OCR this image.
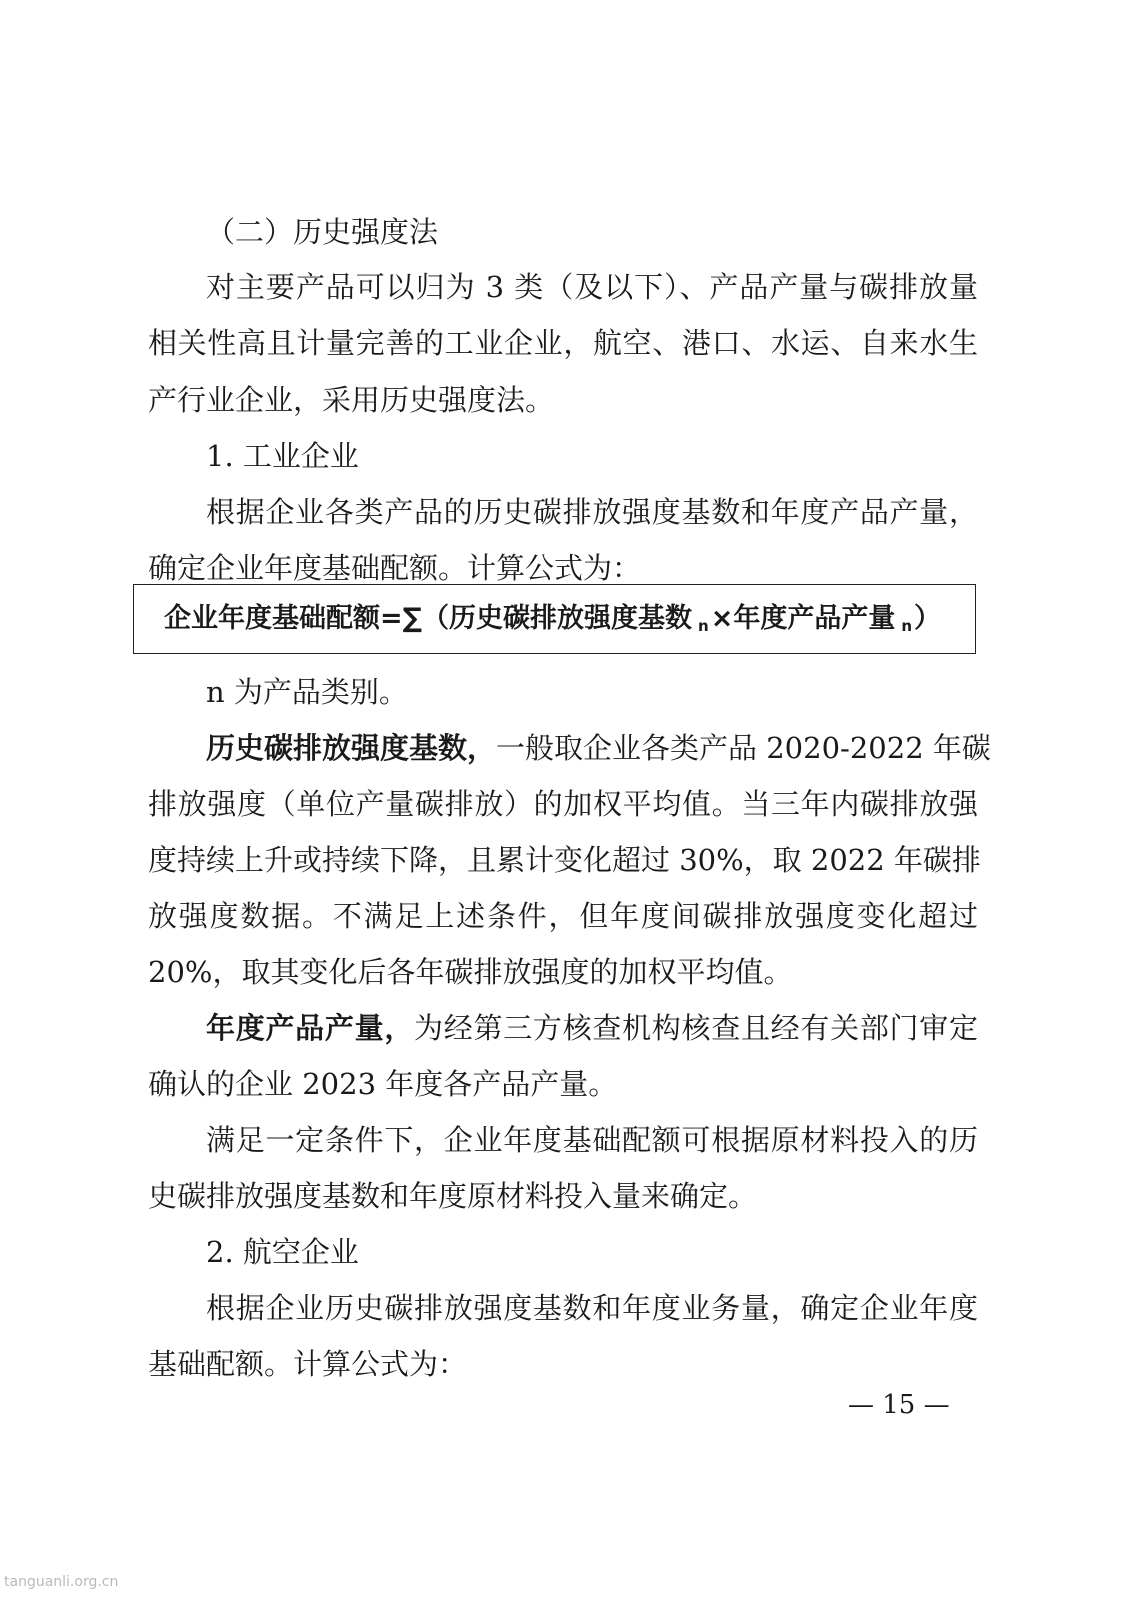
（二）历史强度法
对主要产品可以归为 3 类（及以下）、产品产量与碳排放量
相关性高且计量完善的工业企业，航空、港口、水运、自来水生
产行业企业，采用历史强度法。
1. 工业企业
根据企业各类产品的历史碳排放强度基数和年度产品产量，
确定企业年度基础配额。计算公式为：
企业年度基础配额=∑（历史碳排放强度基数 $_n$×年度产品产量 $_n$）
n 为产品类别。
历史碳排放强度基数，一般取企业各类产品 2020-2022 年碳
排放强度（单位产量碳排放）的加权平均值。当三年内碳排放强
度持续上升或持续下降，且累计变化超过 30%，取 2022 年碳排
放强度数据。不满足上述条件，但年度间碳排放强度变化超过
20%，取其变化后各年碳排放强度的加权平均值。
年度产品产量，为经第三方核查机构核查且经有关部门审定
确认的企业 2023 年度各产品产量。
满足一定条件下，企业年度基础配额可根据原材料投入的历
史碳排放强度基数和年度原材料投入量来确定。
2. 航空企业
根据企业历史碳排放强度基数和年度业务量，确定企业年度
基础配额。计算公式为：
— 15 —
tanguanli.org.cn
